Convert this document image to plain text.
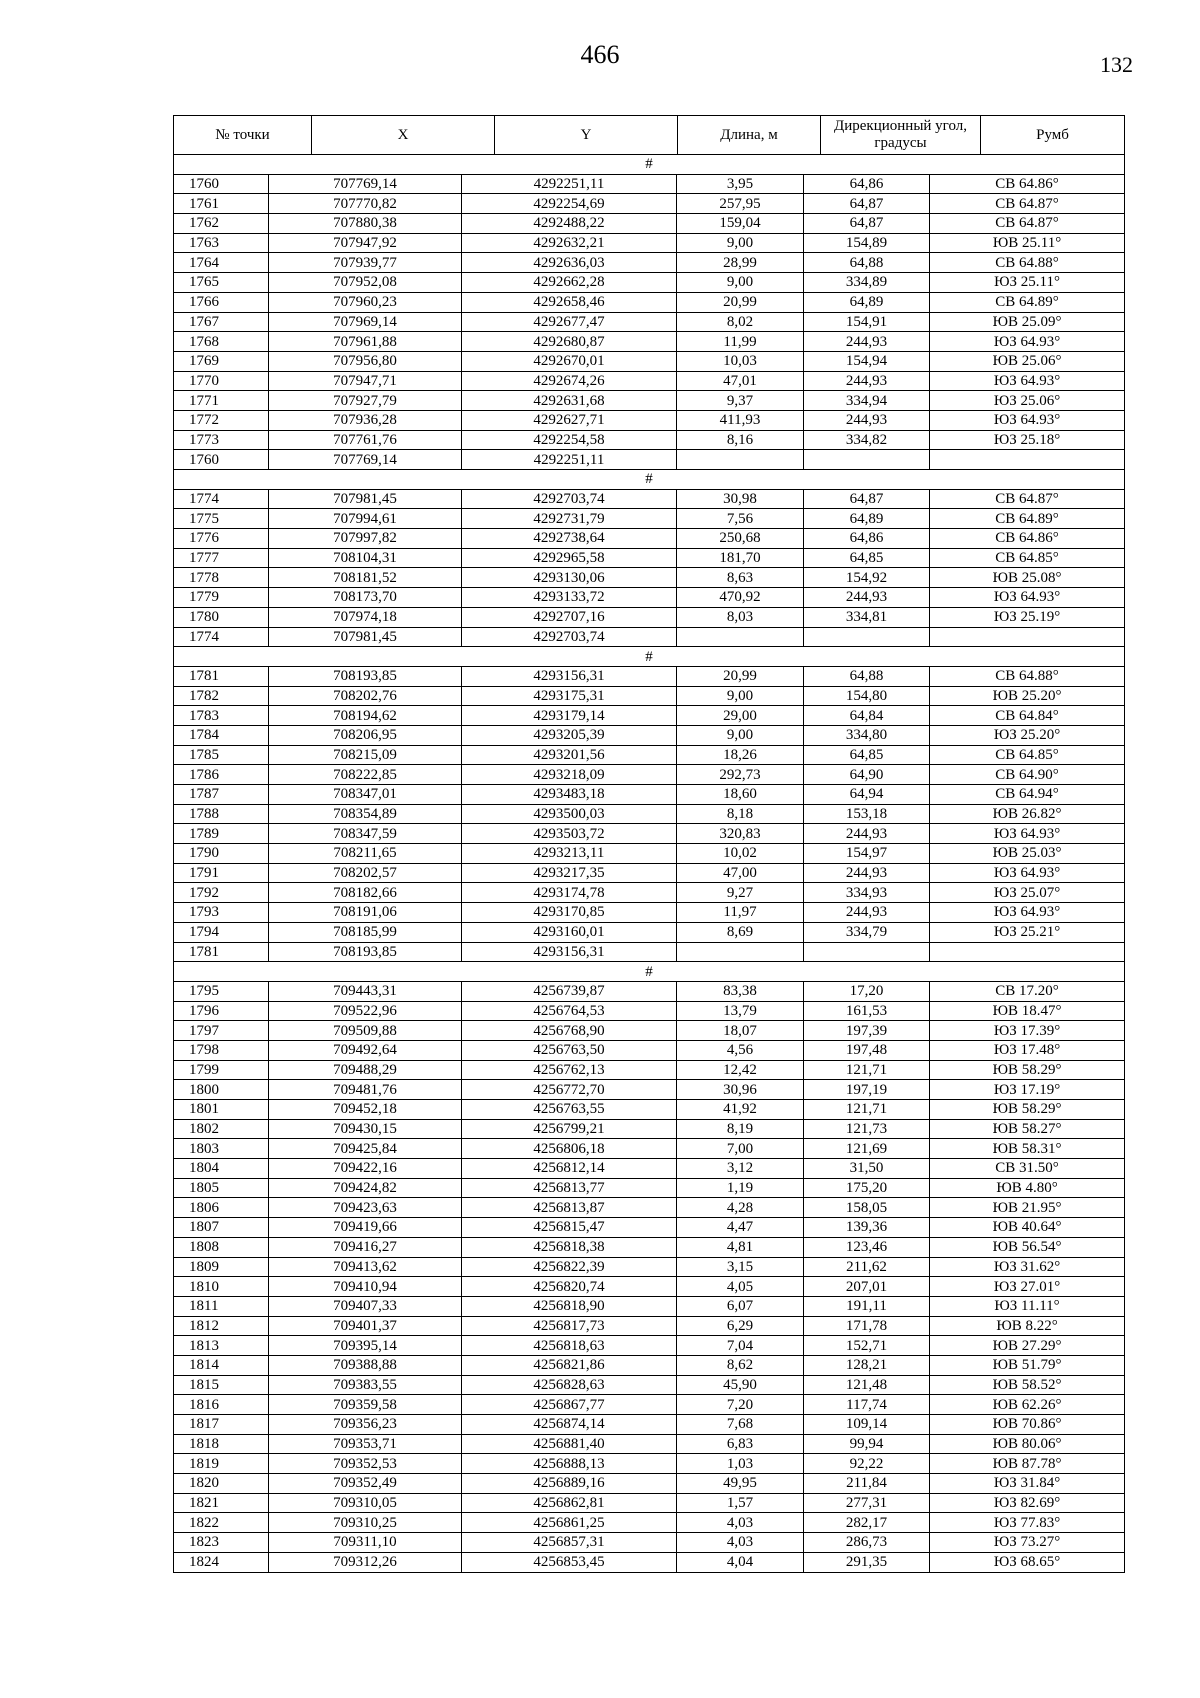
466	132
№ точки	X	Y	Длина, м	Дирекционный угол, градусы	Румб
#					
1760	707769,14	4292251,11	3,95	64,86	СВ 64.86°
1761	707770,82	4292254,69	257,95	64,87	СВ 64.87°
1762	707880,38	4292488,22	159,04	64,87	СВ 64.87°
1763	707947,92	4292632,21	9,00	154,89	ЮВ 25.11°
1764	707939,77	4292636,03	28,99	64,88	СВ 64.88°
1765	707952,08	4292662,28	9,00	334,89	ЮЗ 25.11°
1766	707960,23	4292658,46	20,99	64,89	СВ 64.89°
1767	707969,14	4292677,47	8,02	154,91	ЮВ 25.09°
1768	707961,88	4292680,87	11,99	244,93	ЮЗ 64.93°
1769	707956,80	4292670,01	10,03	154,94	ЮВ 25.06°
1770	707947,71	4292674,26	47,01	244,93	ЮЗ 64.93°
1771	707927,79	4292631,68	9,37	334,94	ЮЗ 25.06°
1772	707936,28	4292627,71	411,93	244,93	ЮЗ 64.93°
1773	707761,76	4292254,58	8,16	334,82	ЮЗ 25.18°
1760	707769,14	4292251,11			
#					
1774	707981,45	4292703,74	30,98	64,87	СВ 64.87°
1775	707994,61	4292731,79	7,56	64,89	СВ 64.89°
1776	707997,82	4292738,64	250,68	64,86	СВ 64.86°
1777	708104,31	4292965,58	181,70	64,85	СВ 64.85°
1778	708181,52	4293130,06	8,63	154,92	ЮВ 25.08°
1779	708173,70	4293133,72	470,92	244,93	ЮЗ 64.93°
1780	707974,18	4292707,16	8,03	334,81	ЮЗ 25.19°
1774	707981,45	4292703,74			
#					
1781	708193,85	4293156,31	20,99	64,88	СВ 64.88°
1782	708202,76	4293175,31	9,00	154,80	ЮВ 25.20°
1783	708194,62	4293179,14	29,00	64,84	СВ 64.84°
1784	708206,95	4293205,39	9,00	334,80	ЮЗ 25.20°
1785	708215,09	4293201,56	18,26	64,85	СВ 64.85°
1786	708222,85	4293218,09	292,73	64,90	СВ 64.90°
1787	708347,01	4293483,18	18,60	64,94	СВ 64.94°
1788	708354,89	4293500,03	8,18	153,18	ЮВ 26.82°
1789	708347,59	4293503,72	320,83	244,93	ЮЗ 64.93°
1790	708211,65	4293213,11	10,02	154,97	ЮВ 25.03°
1791	708202,57	4293217,35	47,00	244,93	ЮЗ 64.93°
1792	708182,66	4293174,78	9,27	334,93	ЮЗ 25.07°
1793	708191,06	4293170,85	11,97	244,93	ЮЗ 64.93°
1794	708185,99	4293160,01	8,69	334,79	ЮЗ 25.21°
1781	708193,85	4293156,31			
#					
1795	709443,31	4256739,87	83,38	17,20	СВ 17.20°
1796	709522,96	4256764,53	13,79	161,53	ЮВ 18.47°
1797	709509,88	4256768,90	18,07	197,39	ЮЗ 17.39°
1798	709492,64	4256763,50	4,56	197,48	ЮЗ 17.48°
1799	709488,29	4256762,13	12,42	121,71	ЮВ 58.29°
1800	709481,76	4256772,70	30,96	197,19	ЮЗ 17.19°
1801	709452,18	4256763,55	41,92	121,71	ЮВ 58.29°
1802	709430,15	4256799,21	8,19	121,73	ЮВ 58.27°
1803	709425,84	4256806,18	7,00	121,69	ЮВ 58.31°
1804	709422,16	4256812,14	3,12	31,50	СВ 31.50°
1805	709424,82	4256813,77	1,19	175,20	ЮВ 4.80°
1806	709423,63	4256813,87	4,28	158,05	ЮВ 21.95°
1807	709419,66	4256815,47	4,47	139,36	ЮВ 40.64°
1808	709416,27	4256818,38	4,81	123,46	ЮВ 56.54°
1809	709413,62	4256822,39	3,15	211,62	ЮЗ 31.62°
1810	709410,94	4256820,74	4,05	207,01	ЮЗ 27.01°
1811	709407,33	4256818,90	6,07	191,11	ЮЗ 11.11°
1812	709401,37	4256817,73	6,29	171,78	ЮВ 8.22°
1813	709395,14	4256818,63	7,04	152,71	ЮВ 27.29°
1814	709388,88	4256821,86	8,62	128,21	ЮВ 51.79°
1815	709383,55	4256828,63	45,90	121,48	ЮВ 58.52°
1816	709359,58	4256867,77	7,20	117,74	ЮВ 62.26°
1817	709356,23	4256874,14	7,68	109,14	ЮВ 70.86°
1818	709353,71	4256881,40	6,83	99,94	ЮВ 80.06°
1819	709352,53	4256888,13	1,03	92,22	ЮВ 87.78°
1820	709352,49	4256889,16	49,95	211,84	ЮЗ 31.84°
1821	709310,05	4256862,81	1,57	277,31	ЮЗ 82.69°
1822	709310,25	4256861,25	4,03	282,17	ЮЗ 77.83°
1823	709311,10	4256857,31	4,03	286,73	ЮЗ 73.27°
1824	709312,26	4256853,45	4,04	291,35	ЮЗ 68.65°
